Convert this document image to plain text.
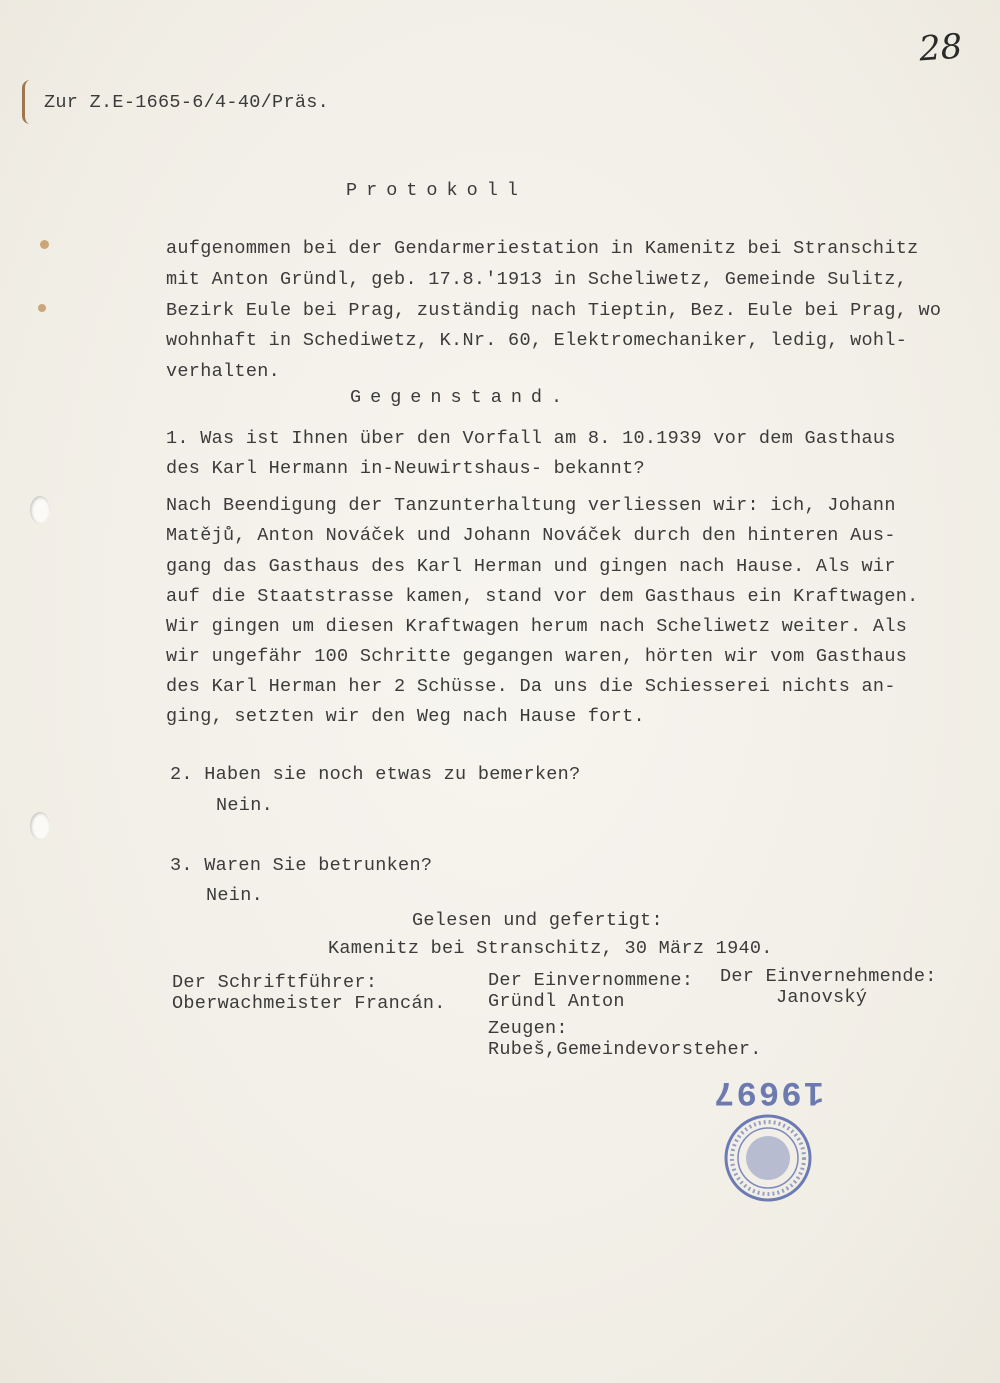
28
Zur Z.E-1665-6/4-40/Präs.
Protokoll
aufgenommen bei der Gendarmeriestation in Kamenitz bei Stranschitz
mit Anton Gründl, geb. 17.8.'1913 in Scheliwetz, Gemeinde Sulitz,
Bezirk Eule bei Prag, zuständig nach Tieptin, Bez. Eule bei Prag, wo
wohnhaft in Schediwetz, K.Nr. 60, Elektromechaniker, ledig, wohl-
verhalten.
Gegenstand.
1. Was ist Ihnen über den Vorfall am 8. 10.1939 vor dem Gasthaus
des Karl Hermann in-Neuwirtshaus- bekannt?
Nach Beendigung der Tanzunterhaltung verliessen wir: ich, Johann
Matějů, Anton Nováček und Johann Nováček durch den hinteren Aus-
gang das Gasthaus des Karl Herman und gingen nach Hause. Als wir
auf die Staatstrasse kamen, stand vor dem Gasthaus ein Kraftwagen.
Wir gingen um diesen Kraftwagen herum nach Scheliwetz weiter. Als
wir ungefähr 100 Schritte gegangen waren, hörten wir vom Gasthaus
des Karl Herman her 2 Schüsse. Da uns die Schiesserei nichts an-
ging, setzten wir den Weg nach Hause fort.
2. Haben sie noch etwas zu bemerken?
Nein.
3. Waren Sie betrunken?
Nein.
Gelesen und gefertigt:
Kamenitz bei Stranschitz, 30 März 1940.
Der Schriftführer:
Oberwachmeister Francán.
Der Einvernommene:
Gründl Anton
Der Einvernehmende:
Janovský
Zeugen:
Rubeš,Gemeindevorsteher.
19697
